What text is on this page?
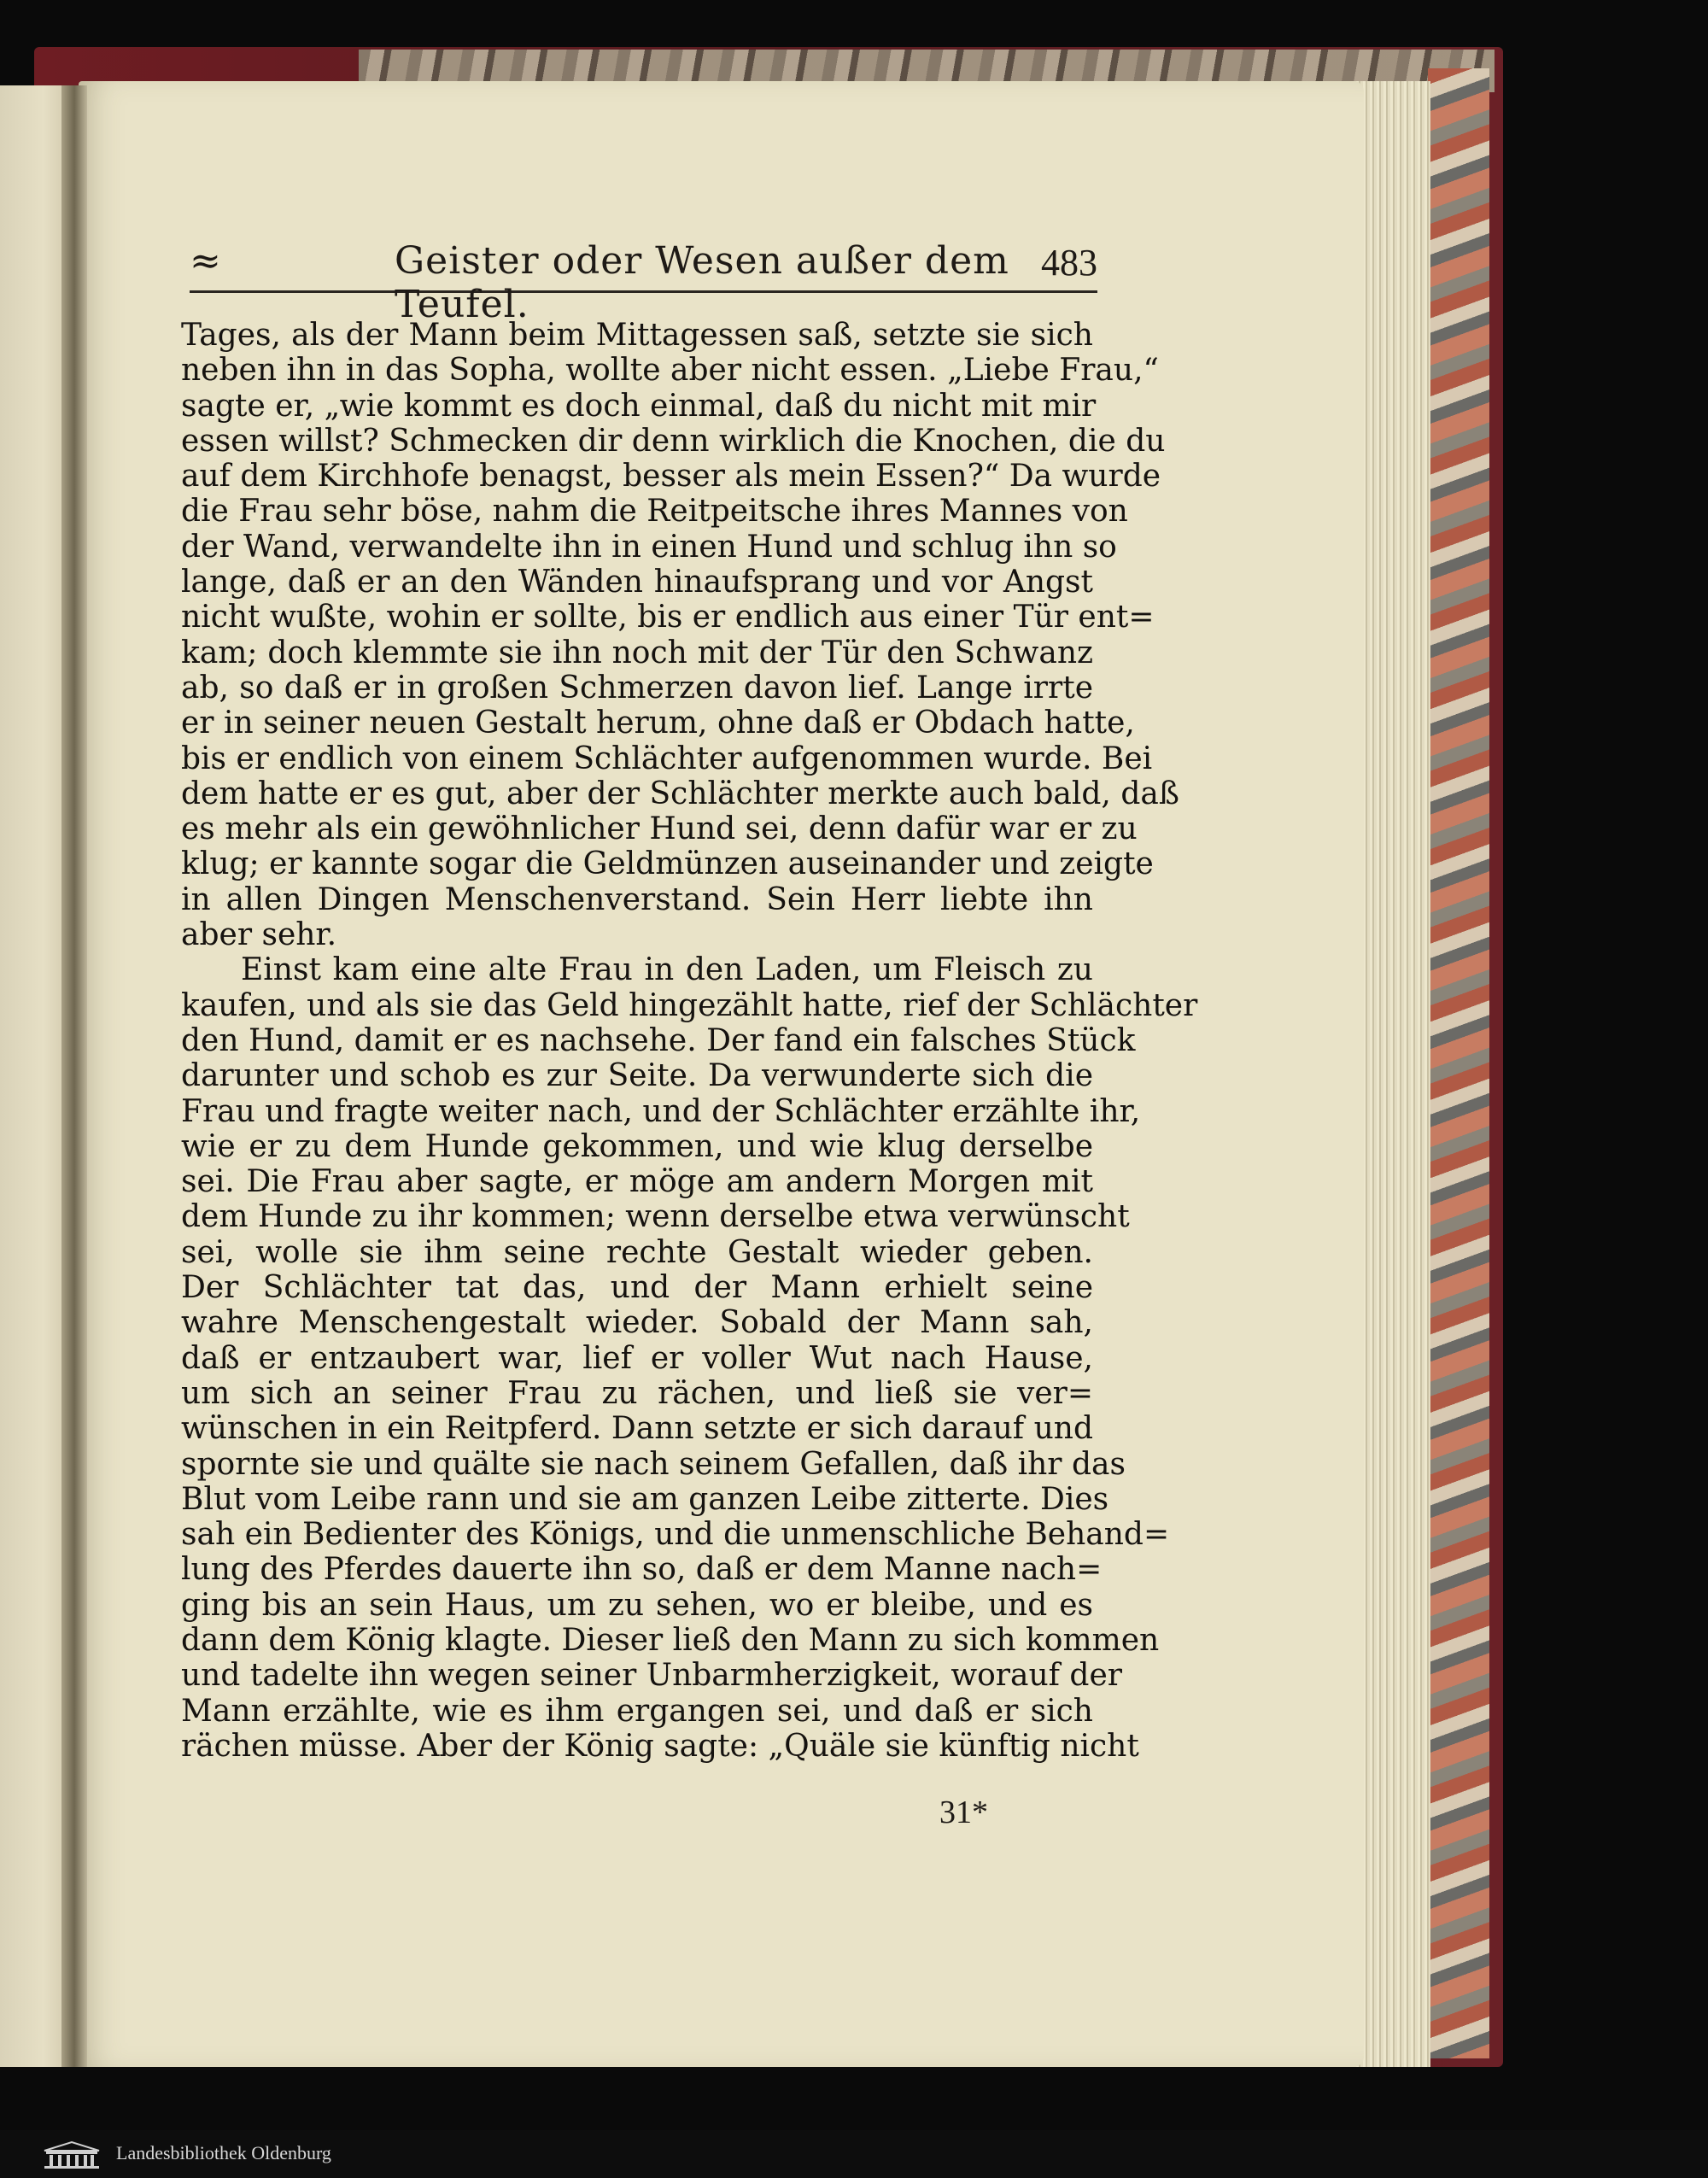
≈	Geister oder Wesen außer dem Teufel.
483
Tages, als der Mann beim Mittagessen saß, setzte sie sich
neben ihn in das Sopha, wollte aber nicht essen. „Liebe Frau,“
sagte er, „wie kommt es doch einmal, daß du nicht mit mir
essen willst? Schmecken dir denn wirklich die Knochen, die du
auf dem Kirchhofe benagst, besser als mein Essen?“ Da wurde
die Frau sehr böse, nahm die Reitpeitsche ihres Mannes von
der Wand, verwandelte ihn in einen Hund und schlug ihn so
lange, daß er an den Wänden hinaufsprang und vor Angst
nicht wußte, wohin er sollte, bis er endlich aus einer Tür ent=
kam; doch klemmte sie ihn noch mit der Tür den Schwanz
ab, so daß er in großen Schmerzen davon lief. Lange irrte
er in seiner neuen Gestalt herum, ohne daß er Obdach hatte,
bis er endlich von einem Schlächter aufgenommen wurde. Bei
dem hatte er es gut, aber der Schlächter merkte auch bald, daß
es mehr als ein gewöhnlicher Hund sei, denn dafür war er zu
klug; er kannte sogar die Geldmünzen auseinander und zeigte
in allen Dingen Menschenverstand. Sein Herr liebte ihn
aber sehr.
Einst kam eine alte Frau in den Laden, um Fleisch zu
kaufen, und als sie das Geld hingezählt hatte, rief der Schlächter
den Hund, damit er es nachsehe. Der fand ein falsches Stück
darunter und schob es zur Seite. Da verwunderte sich die
Frau und fragte weiter nach, und der Schlächter erzählte ihr,
wie er zu dem Hunde gekommen, und wie klug derselbe
sei. Die Frau aber sagte, er möge am andern Morgen mit
dem Hunde zu ihr kommen; wenn derselbe etwa verwünscht
sei, wolle sie ihm seine rechte Gestalt wieder geben.
Der Schlächter tat das, und der Mann erhielt seine
wahre Menschengestalt wieder. Sobald der Mann sah,
daß er entzaubert war, lief er voller Wut nach Hause,
um sich an seiner Frau zu rächen, und ließ sie ver=
wünschen in ein Reitpferd. Dann setzte er sich darauf und
spornte sie und quälte sie nach seinem Gefallen, daß ihr das
Blut vom Leibe rann und sie am ganzen Leibe zitterte. Dies
sah ein Bedienter des Königs, und die unmenschliche Behand=
lung des Pferdes dauerte ihn so, daß er dem Manne nach=
ging bis an sein Haus, um zu sehen, wo er bleibe, und es
dann dem König klagte. Dieser ließ den Mann zu sich kommen
und tadelte ihn wegen seiner Unbarmherzigkeit, worauf der
Mann erzählte, wie es ihm ergangen sei, und daß er sich
rächen müsse. Aber der König sagte: „Quäle sie künftig nicht
31*
Landesbibliothek Oldenburg
